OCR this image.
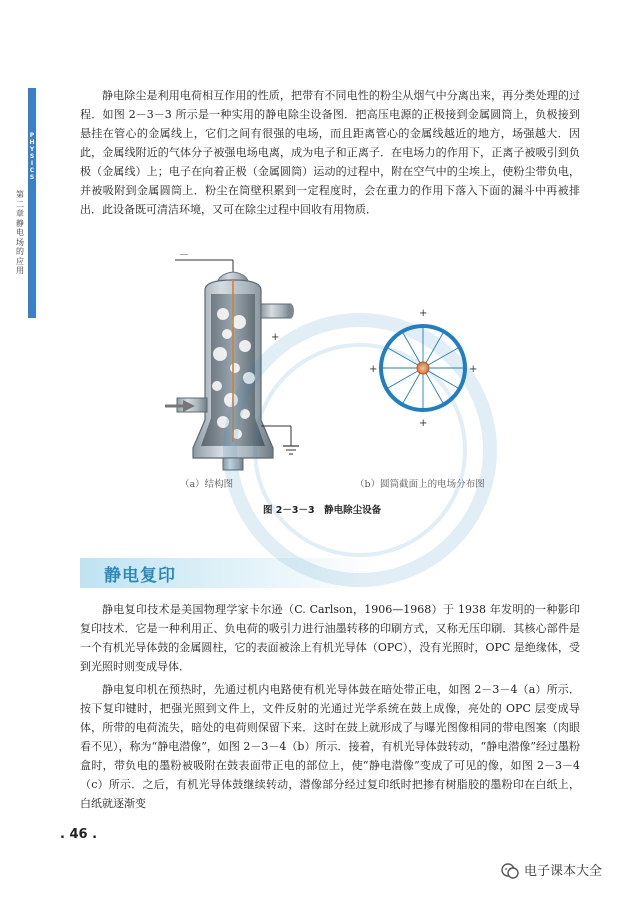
PHYSICS
第二章 静电场的应用

静电除尘是利用电荷相互作用的性质，把带有不同电性的粉尘从烟气中分离出来，再分类处理的过程．如图 2－3－3 所示是一种实用的静电除尘设备图．把高压电源的正极接到金属圆筒上，负极接到悬挂在管心的金属线上，它们之间有很强的电场，而且距离管心的金属线越近的地方，场强越大．因此，金属线附近的气体分子被强电场电离，成为电子和正离子．在电场力的作用下，正离子被吸引到负极（金属线）上；电子在向着正极（金属圆筒）运动的过程中，附在空气中的尘埃上，使粉尘带负电，并被吸附到金属圆筒上．粉尘在筒壁积累到一定程度时，会在重力的作用下落入下面的漏斗中再被排出．此设备既可清洁环境，又可在除尘过程中回收有用物质．

－
+
+
+
+
+
（a）结构图	（b）圆筒截面上的电场分布图
图 2－3－3　静电除尘设备
静电复印

静电复印技术是美国物理学家卡尔逊（C. Carlson，1906—1968）于 1938 年发明的一种影印复印技术．它是一种利用正、负电荷的吸引力进行油墨转移的印刷方式，又称无压印刷．其核心部件是一个有机光导体鼓的金属圆柱，它的表面被涂上有机光导体（OPC），没有光照时，OPC 是绝缘体，受到光照时则变成导体．

静电复印机在预热时，先通过机内电路使有机光导体鼓在暗处带正电，如图 2－3－4（a）所示．按下复印键时，把强光照到文件上，文件反射的光通过光学系统在鼓上成像，亮处的 OPC 层变成导体，所带的电荷流失，暗处的电荷则保留下来．这时在鼓上就形成了与曝光图像相同的带电图案（肉眼看不见），称为“静电潜像”，如图 2－3－4（b）所示．接着，有机光导体鼓转动，“静电潜像”经过墨粉盒时，带负电的墨粉被吸附在鼓表面带正电的部位上，使“静电潜像”变成了可见的像，如图 2－3－4（c）所示．之后，有机光导体鼓继续转动，潜像部分经过复印纸时把掺有树脂胶的墨粉印在白纸上，白纸就逐渐变

. 46 .
电子课本大全
